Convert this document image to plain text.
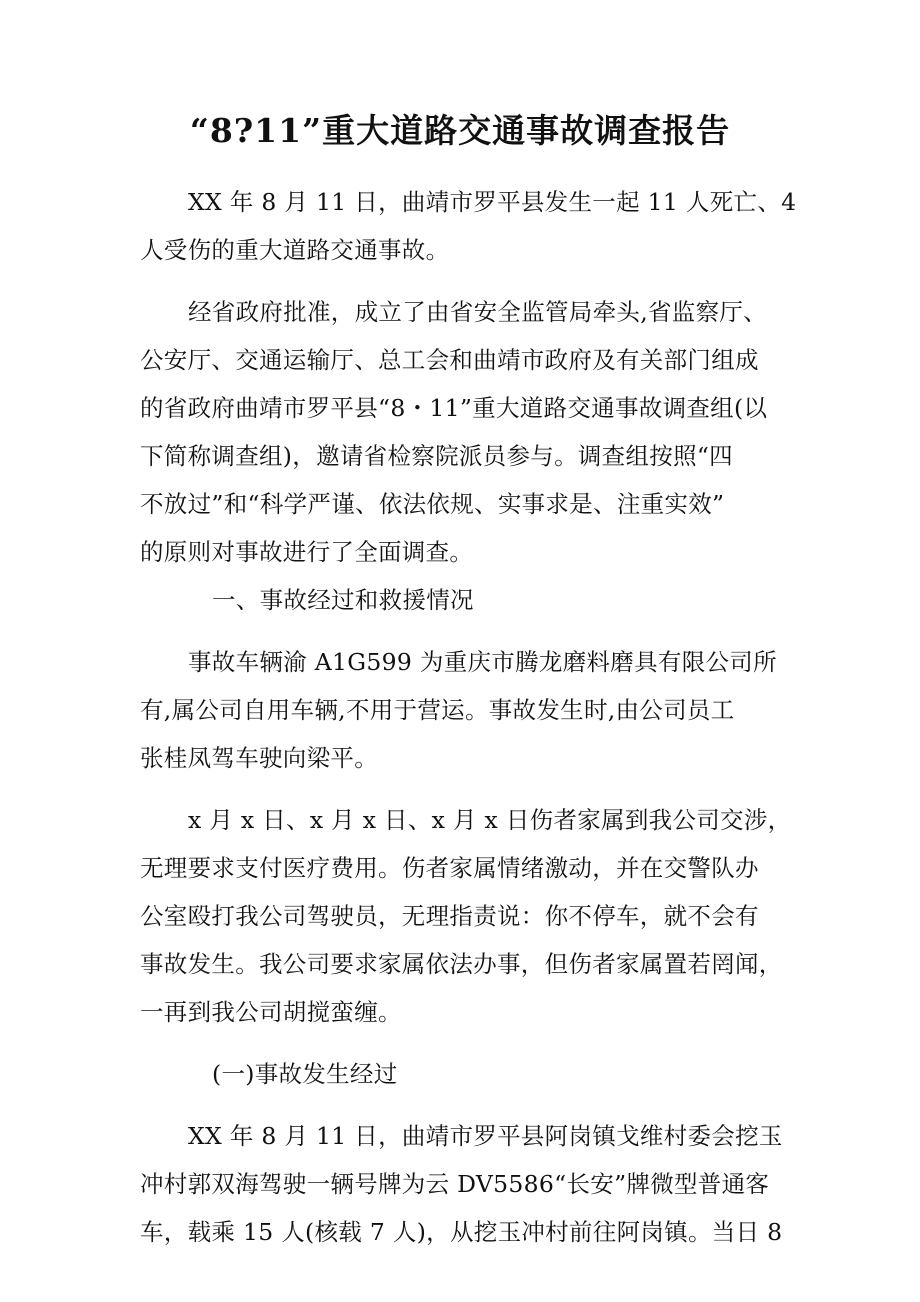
“8?11”重大道路交通事故调查报告
XX 年 8 月 11 日，曲靖市罗平县发生一起 11 人死亡、4
人受伤的重大道路交通事故。
经省政府批准，成立了由省安全监管局牵头,省监察厅、
公安厅、交通运输厅、总工会和曲靖市政府及有关部门组成
的省政府曲靖市罗平县“8・11”重大道路交通事故调查组(以
下简称调查组)，邀请省检察院派员参与。调查组按照“四
不放过”和“科学严谨、依法依规、实事求是、注重实效”
的原则对事故进行了全面调查。
一、事故经过和救援情况
事故车辆渝 A1G599 为重庆市腾龙磨料磨具有限公司所
有,属公司自用车辆,不用于营运。事故发生时,由公司员工
张桂凤驾车驶向梁平。
x 月 x 日、x 月 x 日、x 月 x 日伤者家属到我公司交涉，
无理要求支付医疗费用。伤者家属情绪激动，并在交警队办
公室殴打我公司驾驶员，无理指责说：你不停车，就不会有
事故发生。我公司要求家属依法办事，但伤者家属置若罔闻，
一再到我公司胡搅蛮缠。
(一)事故发生经过
XX 年 8 月 11 日，曲靖市罗平县阿岗镇戈维村委会挖玉
冲村郭双海驾驶一辆号牌为云 DV5586“长安”牌微型普通客
车，载乘 15 人(核载 7 人)，从挖玉冲村前往阿岗镇。当日 8
